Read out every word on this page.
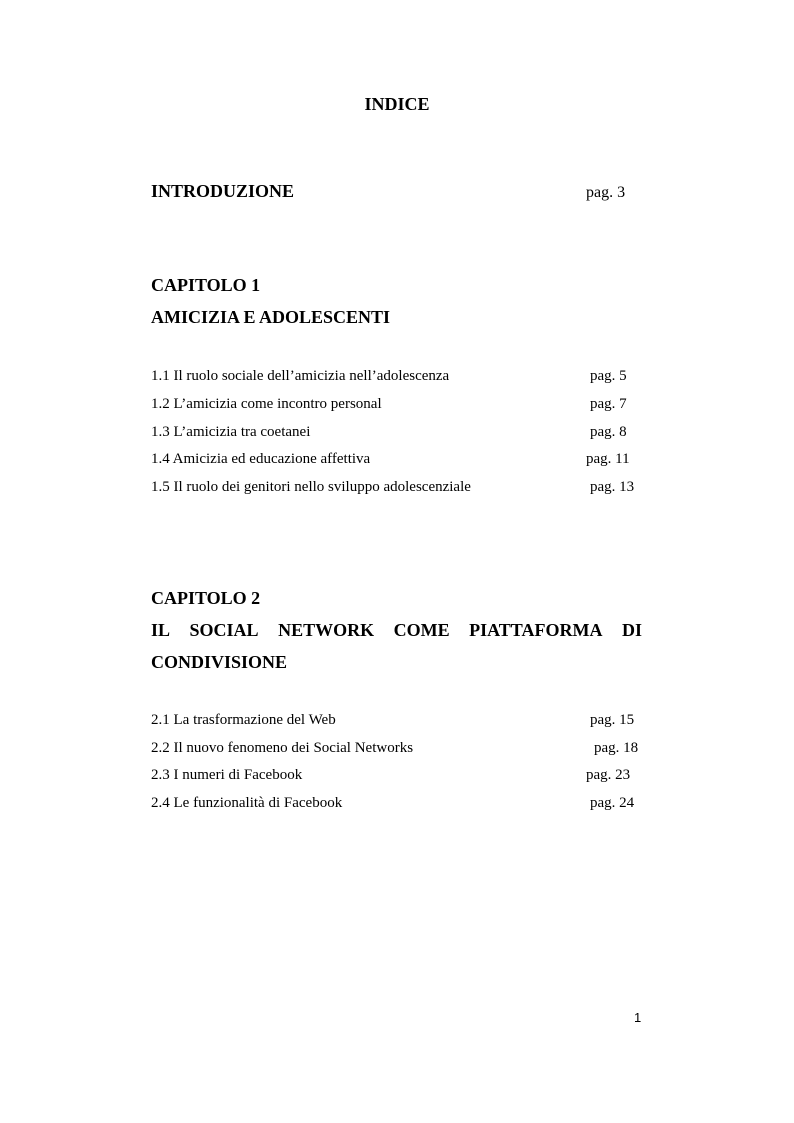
INDICE
INTRODUZIONE	pag. 3
CAPITOLO 1
AMICIZIA E ADOLESCENTI
1.1 Il ruolo sociale dell’amicizia nell’adolescenza	pag. 5
1.2 L’amicizia come incontro personal	pag. 7
1.3 L’amicizia tra coetanei	pag. 8
1.4 Amicizia ed educazione affettiva	pag. 11
1.5 Il ruolo dei genitori nello sviluppo adolescenziale	pag. 13
CAPITOLO 2
IL SOCIAL NETWORK COME PIATTAFORMA DI
CONDIVISIONE
2.1 La trasformazione del Web	pag. 15
2.2 Il nuovo fenomeno dei Social Networks	pag. 18
2.3 I numeri di Facebook	pag. 23
2.4 Le funzionalità di Facebook	pag. 24
1
